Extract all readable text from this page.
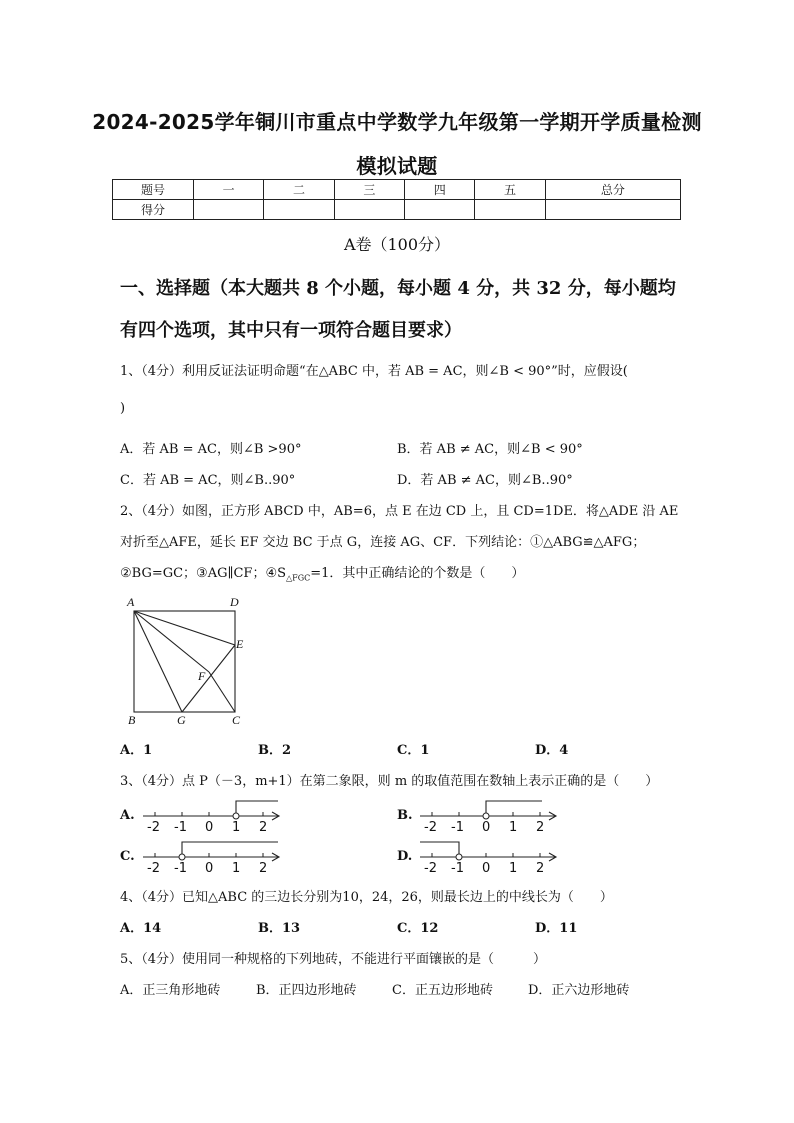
2024-2025学年铜川市重点中学数学九年级第一学期开学质量检测
模拟试题
题号	一	二	三	四	五	总分
得分						
A卷（100分）
一、选择题（本大题共 8 个小题，每小题 4 分，共 32 分，每小题均
有四个选项，其中只有一项符合题目要求）
1、（4分）利用反证法证明命题“在△ABC 中，若 AB = AC，则∠B < 90°”时，应假设(
)
A．若 AB = AC，则∠B >90°	B．若 AB ≠ AC，则∠B < 90°
C．若 AB = AC，则∠B..90°	D．若 AB ≠ AC，则∠B..90°
2、（4分）如图，正方形 ABCD 中，AB=6，点 E 在边 CD 上，且 CD=1DE．将△ADE 沿 AE
对折至△AFE，延长 EF 交边 BC 于点 G，连接 AG、CF．下列结论：①△ABG≌△AFG；
②BG=GC；③AG∥CF；$④S_{\triangle FGC}=1$．其中正确结论的个数是（　　）
A	D
E
F
B	G	C
A．1	B．2	C．1	D．4
3、（4分）点 P（－3，m+1）在第二象限，则 m 的取值范围在数轴上表示正确的是（　　）
A.	B.
C.	D.
-2 -1 0 1 2	-2 -1 0 1 2
-2 -1 0 1 2	-2 -1 0 1 2
4、（4分）已知△ABC 的三边长分别为10，24，26，则最长边上的中线长为（　　）
A．14	B．13	C．12	D．11
5、（4分）使用同一种规格的下列地砖，不能进行平面镶嵌的是（　　　）
A．正三角形地砖	B．正四边形地砖	C．正五边形地砖	D．正六边形地砖
